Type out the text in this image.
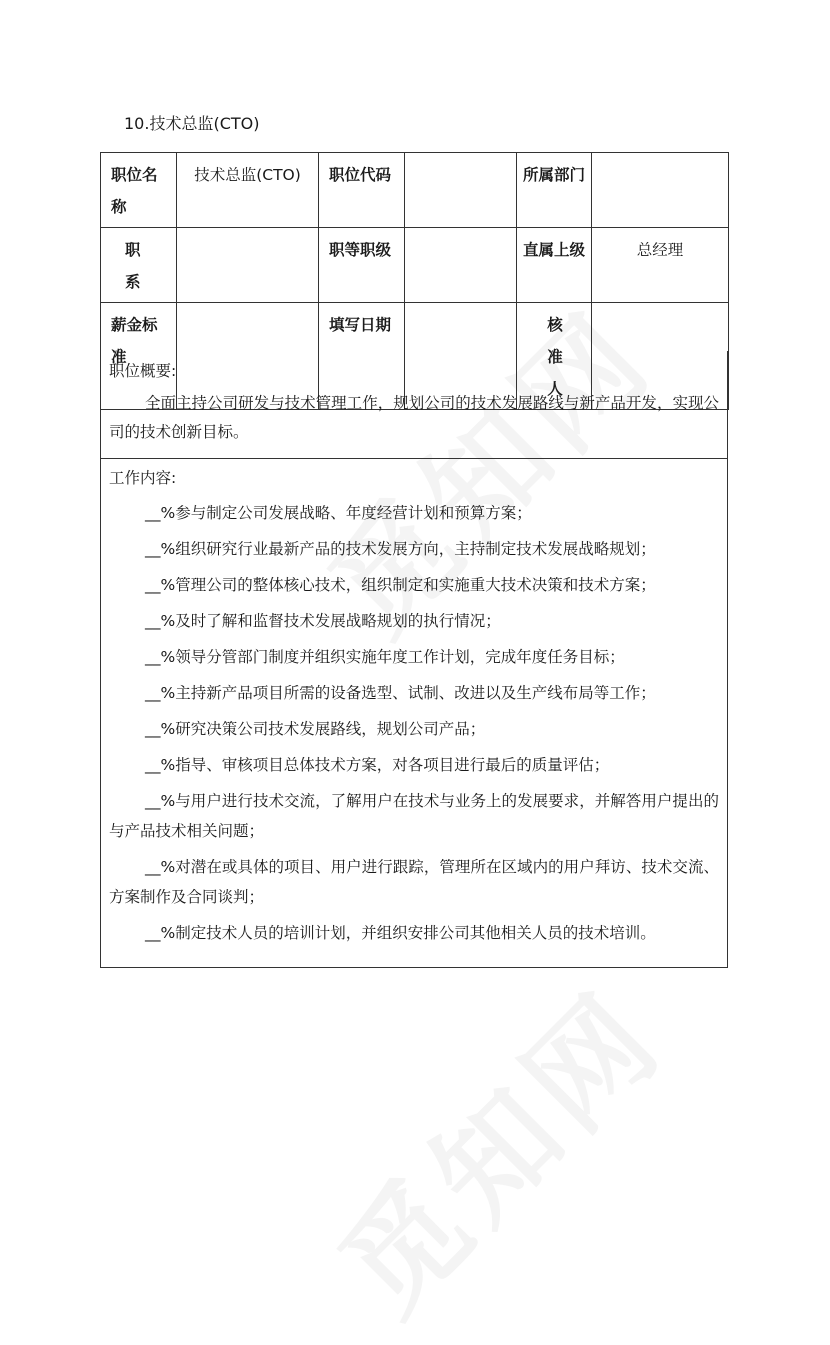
10.技术总监(CTO)
职位名称	技术总监(CTO)	职位代码		所属部门	
职系		职等职级		直属上级	总经理
薪金标准		填写日期		核准人	
职位概要:
全面主持公司研发与技术管理工作，规划公司的技术发展路线与新产品开发，实现公司的技术创新目标。
工作内容:
__%参与制定公司发展战略、年度经营计划和预算方案；
__%组织研究行业最新产品的技术发展方向，主持制定技术发展战略规划；
__%管理公司的整体核心技术，组织制定和实施重大技术决策和技术方案；
__%及时了解和监督技术发展战略规划的执行情况；
__%领导分管部门制度并组织实施年度工作计划，完成年度任务目标；
__%主持新产品项目所需的设备选型、试制、改进以及生产线布局等工作；
__%研究决策公司技术发展路线，规划公司产品；
__%指导、审核项目总体技术方案，对各项目进行最后的质量评估；
__%与用户进行技术交流，了解用户在技术与业务上的发展要求，并解答用户提出的与产品技术相关问题；
__%对潜在或具体的项目、用户进行跟踪，管理所在区域内的用户拜访、技术交流、方案制作及合同谈判；
__%制定技术人员的培训计划，并组织安排公司其他相关人员的技术培训。
